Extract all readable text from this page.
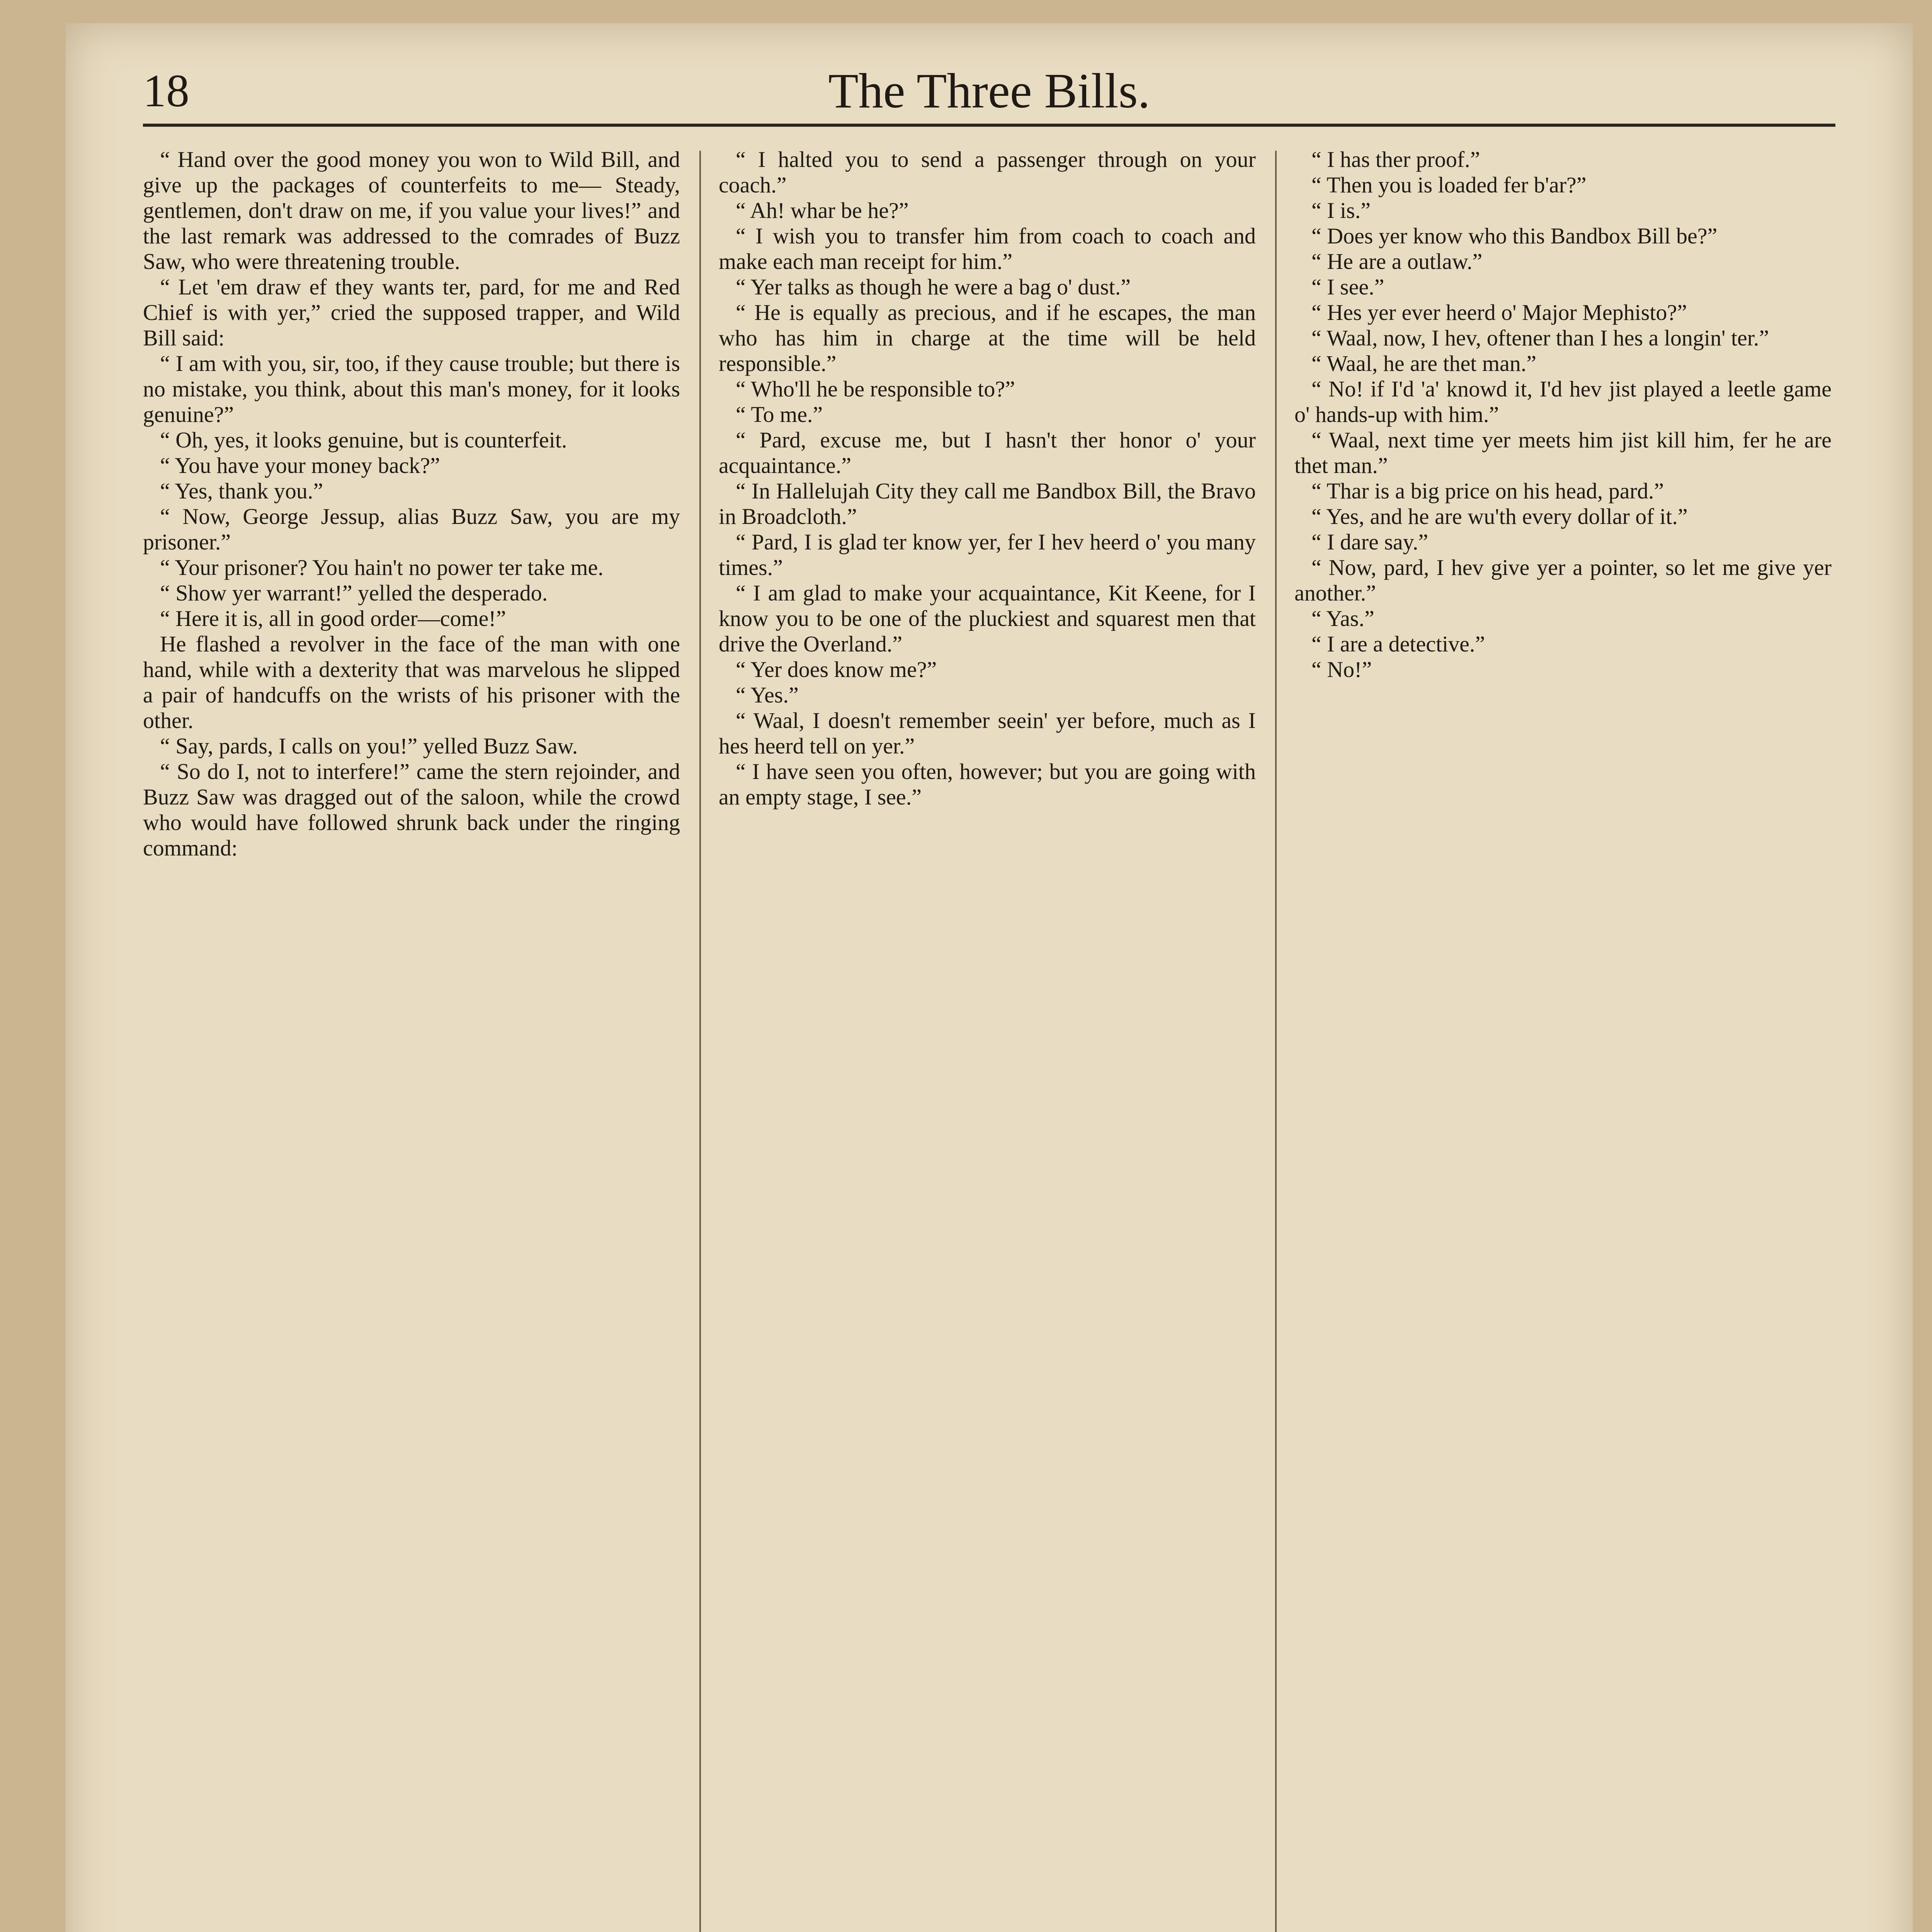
18	The Three Bills.

“ Hand over the good money you won to Wild Bill, and give up the packages of counterfeits to me— Steady, gentlemen, don't draw on me, if you value your lives!” and the last remark was addressed to the comrades of Buzz Saw, who were threatening trouble.

“ Let 'em draw ef they wants ter, pard, for me and Red Chief is with yer,” cried the supposed trapper, and Wild Bill said:

“ I am with you, sir, too, if they cause trouble; but there is no mistake, you think, about this man's money, for it looks genuine?”

“ Oh, yes, it looks genuine, but is counterfeit.

“ You have your money back?”

“ Yes, thank you.”

“ Now, George Jessup, alias Buzz Saw, you are my prisoner.”

“ Your prisoner? You hain't no power ter take me.

“ Show yer warrant!” yelled the desperado.

“ Here it is, all in good order—come!”

He flashed a revolver in the face of the man with one hand, while with a dexterity that was marvelous he slipped a pair of handcuffs on the wrists of his prisoner with the other.

“ Say, pards, I calls on you!” yelled Buzz Saw.

“ So do I, not to interfere!” came the stern rejoinder, and Buzz Saw was dragged out of the saloon, while the crowd who would have followed shrunk back under the ringing command:

“ I halted you to send a passenger through on your coach.”

“ Ah! whar be he?”

“ I wish you to transfer him from coach to coach and make each man receipt for him.”

“ Yer talks as though he were a bag o' dust.”

“ He is equally as precious, and if he escapes, the man who has him in charge at the time will be held responsible.”

“ Who'll he be responsible to?”

“ To me.”

“ Pard, excuse me, but I hasn't ther honor o' your acquaintance.”

“ In Hallelujah City they call me Bandbox Bill, the Bravo in Broadcloth.”

“ Pard, I is glad ter know yer, fer I hev heerd o' you many times.”

“ I am glad to make your acquaintance, Kit Keene, for I know you to be one of the pluckiest and squarest men that drive the Overland.”

“ Yer does know me?”

“ Yes.”

“ Waal, I doesn't remember seein' yer before, much as I hes heerd tell on yer.”

“ I have seen you often, however; but you are going with an empty stage, I see.”

“ I has ther proof.”

“ Then you is loaded fer b'ar?”

“ I is.”

“ Does yer know who this Bandbox Bill be?”

“ He are a outlaw.”

“ I see.”

“ Hes yer ever heerd o' Major Mephisto?”

“ Waal, now, I hev, oftener than I hes a longin' ter.”

“ Waal, he are thet man.”

“ No! if I'd 'a' knowd it, I'd hev jist played a leetle game o' hands-up with him.”

“ Waal, next time yer meets him jist kill him, fer he are thet man.”

“ Thar is a big price on his head, pard.”

“ Yes, and he are wu'th every dollar of it.”

“ I dare say.”

“ Now, pard, I hev give yer a pointer, so let me give yer another.”

“ Yas.”

“ I are a detective.”

“ No!”
